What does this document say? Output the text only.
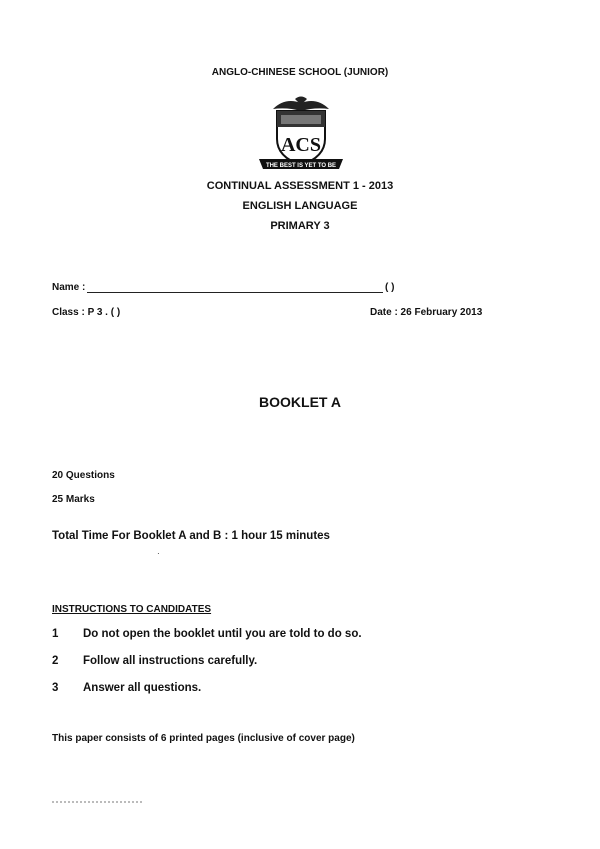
ANGLO-CHINESE SCHOOL (JUNIOR)
ACS
THE BEST IS YET TO BE
CONTINUAL ASSESSMENT 1 - 2013
ENGLISH LANGUAGE
PRIMARY 3
Name :	( )
Class : P 3 . ( )	Date : 26 February 2013
BOOKLET A
20 Questions
25 Marks
Total Time For Booklet A and B : 1 hour 15 minutes
·
INSTRUCTIONS TO CANDIDATES
1 Do not open the booklet until you are told to do so.
2 Follow all instructions carefully.
3 Answer all questions.
This paper consists of 6 printed pages (inclusive of cover page)
